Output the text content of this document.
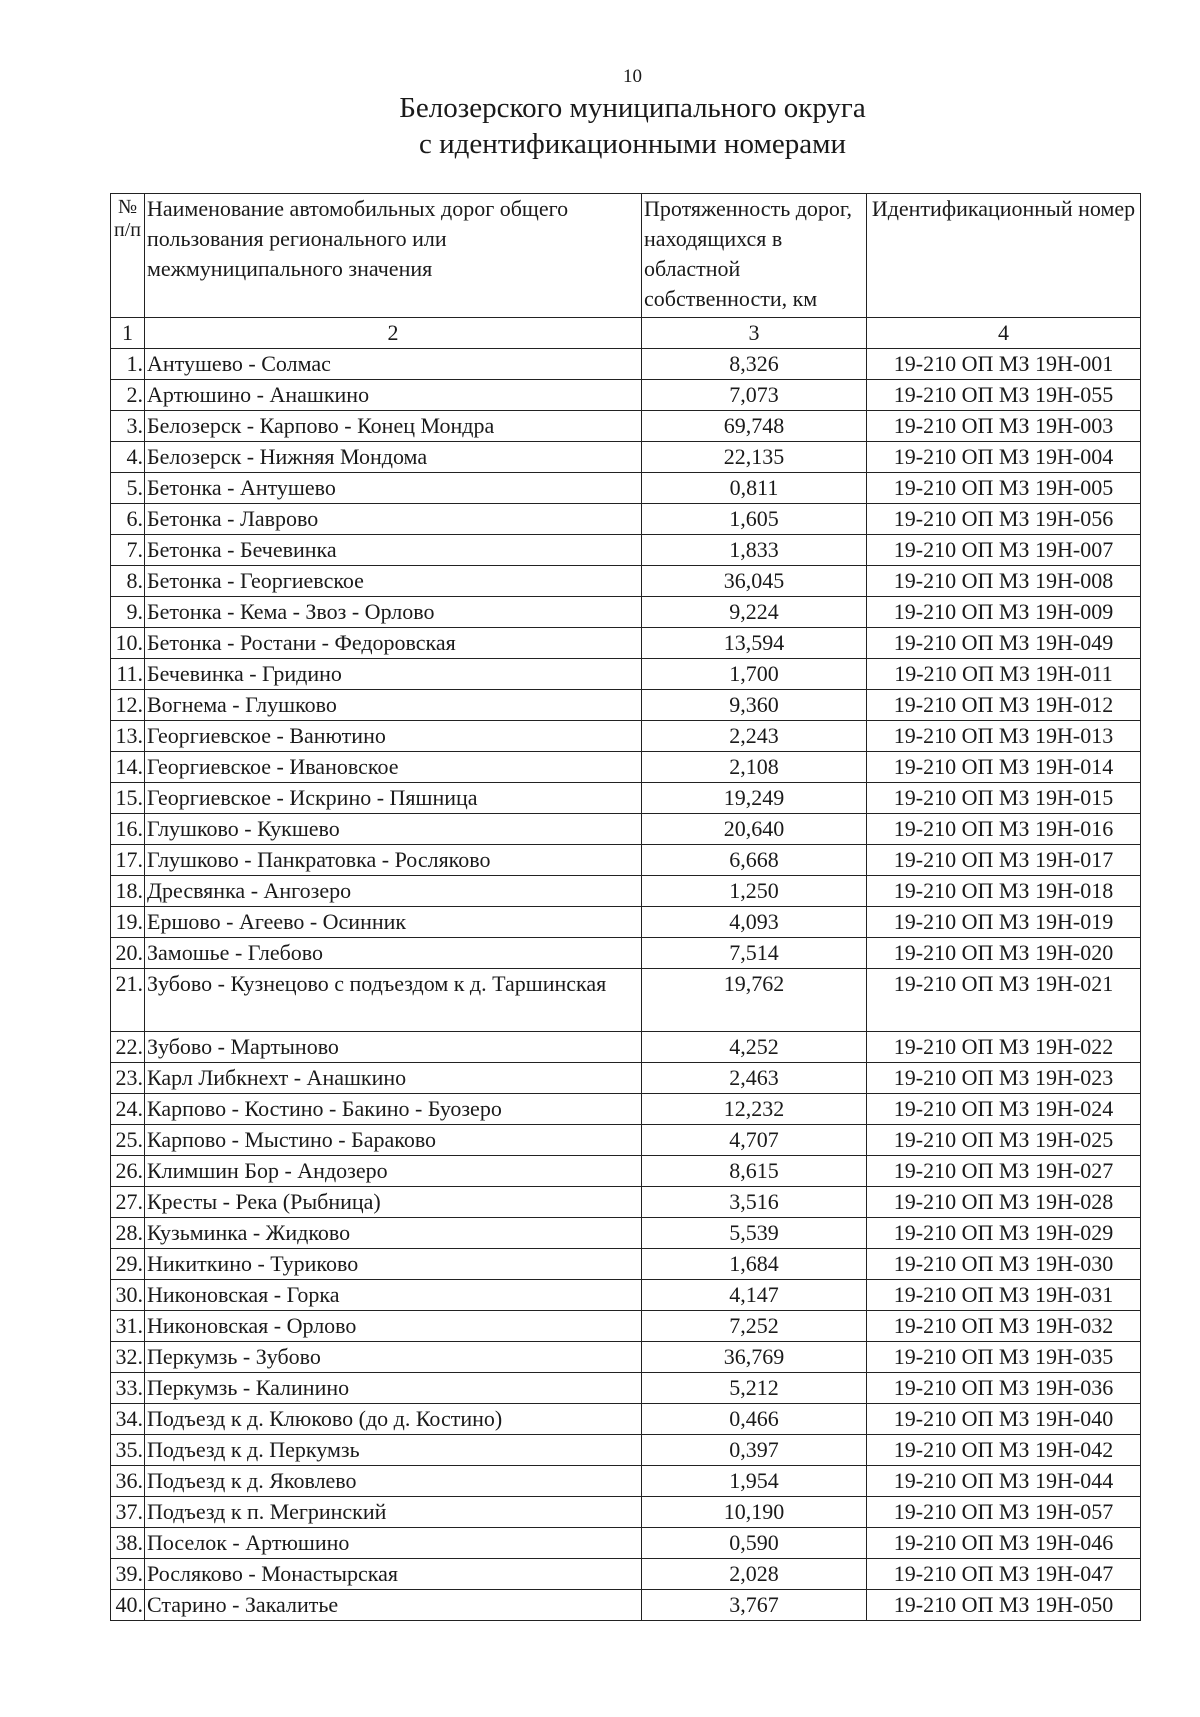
10
Белозерского муниципального округа
с идентификационными номерами
№ п/п	Наименование автомобильных дорог общего пользования регионального или межмуниципального значения	Протяженность дорог, находящихся в областной собственности, км	Идентификационный номер
1	2	3	4
1.	Антушево - Солмас	8,326	19-210 ОП МЗ 19Н-001
2.	Артюшино - Анашкино	7,073	19-210 ОП МЗ 19Н-055
3.	Белозерск - Карпово - Конец Мондра	69,748	19-210 ОП МЗ 19Н-003
4.	Белозерск - Нижняя Мондома	22,135	19-210 ОП МЗ 19Н-004
5.	Бетонка - Антушево	0,811	19-210 ОП МЗ 19Н-005
6.	Бетонка - Лаврово	1,605	19-210 ОП МЗ 19Н-056
7.	Бетонка - Бечевинка	1,833	19-210 ОП МЗ 19Н-007
8.	Бетонка - Георгиевское	36,045	19-210 ОП МЗ 19Н-008
9.	Бетонка - Кема - Звоз - Орлово	9,224	19-210 ОП МЗ 19Н-009
10.	Бетонка - Ростани - Федоровская	13,594	19-210 ОП МЗ 19Н-049
11.	Бечевинка - Гридино	1,700	19-210 ОП МЗ 19Н-011
12.	Вогнема - Глушково	9,360	19-210 ОП МЗ 19Н-012
13.	Георгиевское - Ванютино	2,243	19-210 ОП МЗ 19Н-013
14.	Георгиевское - Ивановское	2,108	19-210 ОП МЗ 19Н-014
15.	Георгиевское - Искрино - Пяшница	19,249	19-210 ОП МЗ 19Н-015
16.	Глушково - Кукшево	20,640	19-210 ОП МЗ 19Н-016
17.	Глушково - Панкратовка - Росляково	6,668	19-210 ОП МЗ 19Н-017
18.	Дресвянка - Ангозеро	1,250	19-210 ОП МЗ 19Н-018
19.	Ершово - Агеево - Осинник	4,093	19-210 ОП МЗ 19Н-019
20.	Замошье - Глебово	7,514	19-210 ОП МЗ 19Н-020
21.	Зубово - Кузнецово с подъездом к д. Таршинская	19,762	19-210 ОП МЗ 19Н-021
22.	Зубово - Мартыново	4,252	19-210 ОП МЗ 19Н-022
23.	Карл Либкнехт - Анашкино	2,463	19-210 ОП МЗ 19Н-023
24.	Карпово - Костино - Бакино - Буозеро	12,232	19-210 ОП МЗ 19Н-024
25.	Карпово - Мыстино - Бараково	4,707	19-210 ОП МЗ 19Н-025
26.	Климшин Бор - Андозеро	8,615	19-210 ОП МЗ 19Н-027
27.	Кресты - Река (Рыбница)	3,516	19-210 ОП МЗ 19Н-028
28.	Кузьминка - Жидково	5,539	19-210 ОП МЗ 19Н-029
29.	Никиткино - Туриково	1,684	19-210 ОП МЗ 19Н-030
30.	Никоновская - Горка	4,147	19-210 ОП МЗ 19Н-031
31.	Никоновская - Орлово	7,252	19-210 ОП МЗ 19Н-032
32.	Перкумзь - Зубово	36,769	19-210 ОП МЗ 19Н-035
33.	Перкумзь - Калинино	5,212	19-210 ОП МЗ 19Н-036
34.	Подъезд к д. Клюково (до д. Костино)	0,466	19-210 ОП МЗ 19Н-040
35.	Подъезд к д. Перкумзь	0,397	19-210 ОП МЗ 19Н-042
36.	Подъезд к д. Яковлево	1,954	19-210 ОП МЗ 19Н-044
37.	Подъезд к п. Мегринский	10,190	19-210 ОП МЗ 19Н-057
38.	Поселок - Артюшино	0,590	19-210 ОП МЗ 19Н-046
39.	Росляково - Монастырская	2,028	19-210 ОП МЗ 19Н-047
40.	Старино - Закалитье	3,767	19-210 ОП МЗ 19Н-050
